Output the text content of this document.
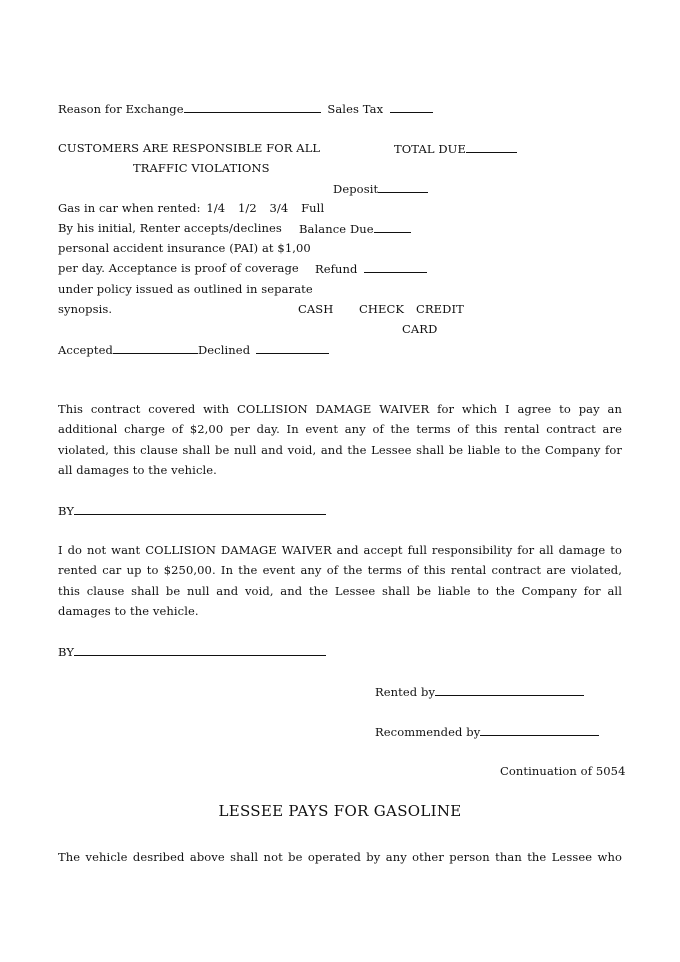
Reason for Exchange	Sales Tax
CUSTOMERS ARE RESPONSIBLE FOR ALL
TRAFFIC VIOLATIONS
TOTAL DUE
Deposit
Gas in car when rented: 1/4 1/2 3/4 Full
By his initial, Renter accepts/declines Balance Due
personal accident insurance (PAI) at $1,00
per day. Acceptance is proof of coverage Refund
under policy issued as outlined in separate
synopsis.	CASH CHECK CREDIT
CARD
Accepted	Declined
This contract covered with COLLISION DAMAGE WAIVER for which I agree to pay an additional charge of $2,00 per day. In event any of the terms of this rental contract are violated, this clause shall be null and void, and the Lessee shall be liable to the Company for all damages to the vehicle.
BY
I do not want COLLISION DAMAGE WAIVER and accept full responsibility for all damage to rented car up to $250,00. In the event any of the terms of this rental contract are violated, this clause shall be null and void, and the Lessee shall be liable to the Company for all damages to the vehicle.
BY
Rented by
Recommended by
Continuation of 5054
LESSEE PAYS FOR GASOLINE
The vehicle desribed above shall not be operated by any other person than the Lessee who
